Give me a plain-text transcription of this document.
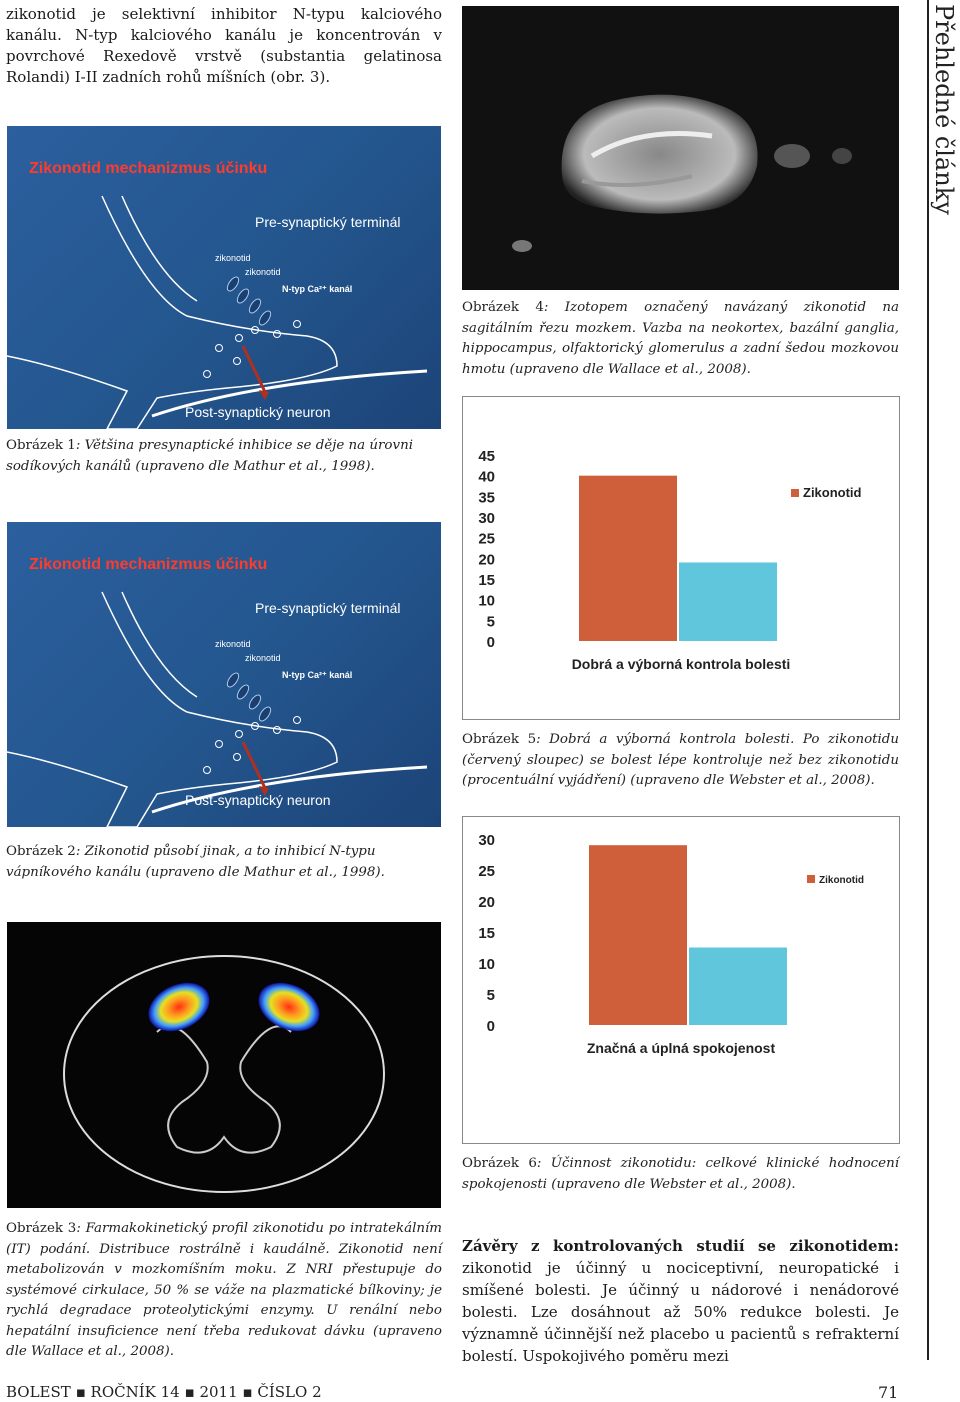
Přehledné články
zikonotid je selektivní inhibitor N-typu kalciového kanálu. N-typ kalciového kanálu je koncentrován v povrchové Rexedově vrstvě (substantia gelatinosa Rolandi) I-II zadních rohů míšních (obr. 3).
Zikonotid mechanizmus účinku
Pre-synaptický terminál
zikonotid
zikonotid
N-typ Ca²⁺ kanál
Post-synaptický neuron
Obrázek 1: Většina presynaptické inhibice se děje na úrovni sodíkových kanálů (upraveno dle Mathur et al., 1998).
Zikonotid mechanizmus účinku
Pre-synaptický terminál
zikonotid
zikonotid
N-typ Ca²⁺ kanál
Post-synaptický neuron
Obrázek 2: Zikonotid působí jinak, a to inhibicí N-typu vápníkového kanálu (upraveno dle Mathur et al., 1998).
Obrázek 3: Farmakokinetický profil zikonotidu po intratekálním (IT) podání. Distribuce rostrálně i kaudálně. Zikonotid není metabolizován v mozkomíšním moku. Z NRI přestupuje do systémové cirkulace, 50 % se váže na plazmatické bílkoviny; je rychlá degradace proteolytickými enzymy. U renální nebo hepatální insuficience není třeba redukovat dávku (upraveno dle Wallace et al., 2008).
Obrázek 4: Izotopem označený navázaný zikonotid na sagitálním řezu mozkem. Vazba na neokortex, bazální ganglia, hippocampus, olfaktorický glomerulus a zadní šedou mozkovou hmotu (upraveno dle Wallace et al., 2008).
45
40
35
30
25
20
15
10
5
0
Zikonotid
Dobrá a výborná kontrola bolesti
Obrázek 5: Dobrá a výborná kontrola bolesti. Po zikonotidu (červený sloupec) se bolest lépe kontroluje než bez zikonotidu (procentuální vyjádření) (upraveno dle Webster et al., 2008).
30
25
20
15
10
5
0
Zikonotid
Značná a úplná spokojenost
Obrázek 6: Účinnost zikonotidu: celkové klinické hodnocení spokojenosti (upraveno dle Webster et al., 2008).
Závěry z kontrolovaných studií se zikonotidem: zikonotid je účinný u nociceptivní, neuropatické i smíšené bolesti. Je účinný u nádorové i nenádorové bolesti. Lze dosáhnout až 50% redukce bolesti. Je významně účinnější než placebo u pacientů s refrakterní bolestí. Uspokojivého poměru mezi
BOLEST ▪ ROČNÍK 14 ▪ 2011 ▪ ČÍSLO 2	71
